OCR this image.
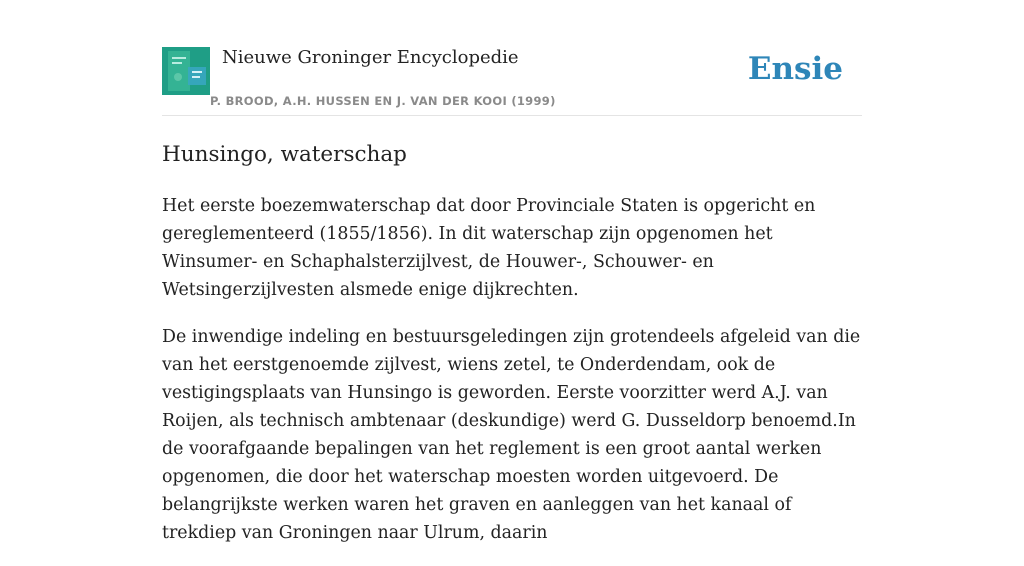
Nieuwe Groninger Encyclopedie
P. BROOD, A.H. HUSSEN EN J. VAN DER KOOI (1999)
Ensie
Hunsingo, waterschap

Het eerste boezemwaterschap dat door Provinciale Staten is opgericht en gereglementeerd (1855/1856). In dit waterschap zijn opgenomen het Winsumer- en Schaphalsterzijlvest, de Houwer-, Schouwer- en Wetsingerzijlvesten alsmede enige dijkrechten.

De inwendige indeling en bestuursgeledingen zijn grotendeels afgeleid van die van het eerstgenoemde zijlvest, wiens zetel, te Onderdendam, ook de vestigingsplaats van Hunsingo is geworden. Eerste voorzitter werd A.J. van Roijen, als technisch ambtenaar (deskundige) werd G. Dusseldorp benoemd.In de voorafgaande bepalingen van het reglement is een groot aantal werken opgenomen, die door het waterschap moesten worden uitgevoerd. De belangrijkste werken waren het graven en aanleggen van het kanaal of trekdiep van Groningen naar Ulrum, daarin
